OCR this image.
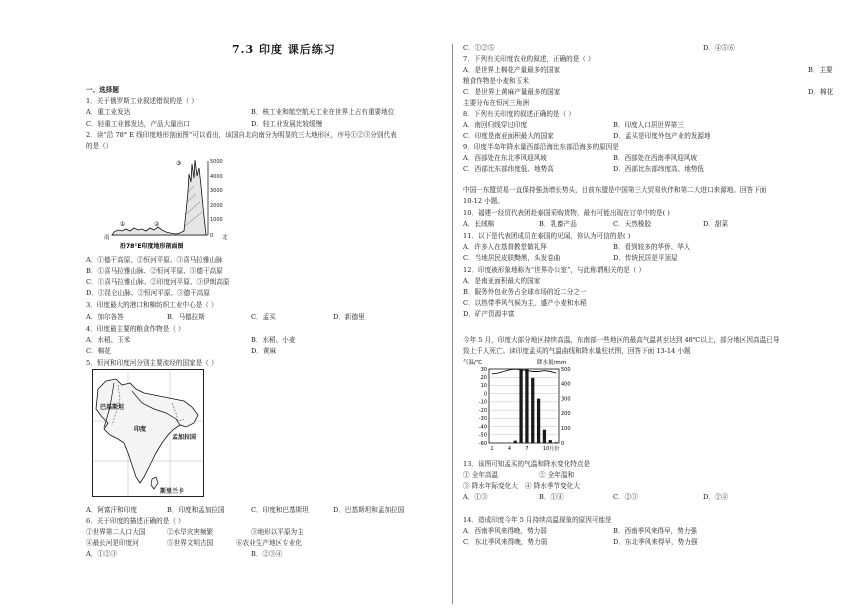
7.3 印度 课后练习
一、选择题
1．关于俄罗斯工业叙述错误的是（ ）
A．重工业发达	B．核工业和航空航天工业在世界上占有重要地位
C．轻重工业都发达，产品大量出口	D．轻工业发展比较缓慢
2．读“沿 78° E 线印度地形剖面图”可以看出，该国自北向南分为明显的三大地形区，序号①②③分别代表
的是（）
5000
4000
3000
2000
1000
0
①	②
③
南	北
沿78°E印度地形剖面图
A．①德干高原、②恒河平原、③喜马拉雅山脉
B．①喜马拉雅山脉、②恒河平原、③德干高原
C．①喜马拉雅山脉、②印度河平原、③伊朗高原
D．①昆仑山脉、②恒河平原、③德干高原
3．印度最大的港口和棉纺织工业中心是（ ）
A．加尔各答	B．马德拉斯	C．孟买	D．新德里
4．印度最主要的粮食作物是（ ）
A．水稻、玉米	B．水稻、小麦
C．棉花	D．黄麻
5．恒河和印度河分别主要流经的国家是（ ）
巴基斯坦
印度
孟加拉国
斯里兰卡
A．阿富汗和印度	B．印度和孟加拉国	C．印度和巴基斯坦	D．巴基斯坦和孟加拉国
6．关于印度的描述正确的是（ ）
①世界第二人口大国	②水旱灾害频繁	③地形以平原为主
④最长河是印度河	⑤世界文明古国	⑥农业生产地区专业化
A．①②③	B．②③④
C．①②⑤	D．④⑤⑥
7．下列有关印度农业的叙述，正确的是（ ）
A．是世界上棉花产量最多的国家	B．主要
粮食作物是小麦和玉米
C．是世界上黄麻产量最多的国家	D．棉花
主要分布在恒河三角洲
8．下列有关印度的叙述正确的是（ ）
A．南回归线穿过印度	B．印度人口居世界第三
C．印度是南亚面积最大的国家	D．孟买是印度外包产业的发源地
9．印度半岛年降水量西部沿海比东部沿海多的原因是
A．西部处在东北季风迎风坡	B．西部处在西南季风迎风坡
C．西部比东部纬度低、地势高	D．西部比东部纬度高、地势低
中国一东盟贸易一直保持强劲增长势头，目前东盟是中国第三大贸易伙伴和第二大进口来源地。回答下面
10-12 小题。
10．福建一经贸代表团赴泰国采购货物，最有可能出现在订单中的是( )
A．长绒棉	B．乳畜产品	C．天然橡胶	D．甜菜
11．以下是代表团成员在泰国的见闻，你认为可信的是( )
A．许多人在基督教堂做礼拜	B．看到较多的华侨、华人
C．当地居民皮肤黝黑，头发卷曲	D．传统民居是平顶屋
12．印度被形象地称为“世界办公室”，与此称谓相关的是（ ）
A．是南亚面积最大的国家
B．服务外包业务占全球市场的近二分之一
C．以热带季风气候为主，盛产小麦和水稻
D．矿产资源丰富
今年 5 月，印度大部分地区持续高温，东南部一些地区的最高气温甚至达到 48℃以上，部分地区因高温已导
致上千人死亡。读印度孟买的气温曲线和降水量柱状图，回答下面 13-14 小题
气温/℃	降水量/mm
30
20
10
0
-10
-20
-30
-40
-50
-60
500
400
300
200
100
0
1	4	7	10月份
13．该图可知孟买的气温和降水变化特点是
① 全年高温	② 全年温和
③ 降水年际变化大 ④ 降水季节变化大
A．①③	B．①④	C．②③	D．②④
14．造成印度今年 5 月持续高温现象的原因可能是
A．西南季风来得晚，势力弱	B．西南季风来得早，势力强
C．东北季风来得晚，势力弱	D．东北季风来得早，势力强
